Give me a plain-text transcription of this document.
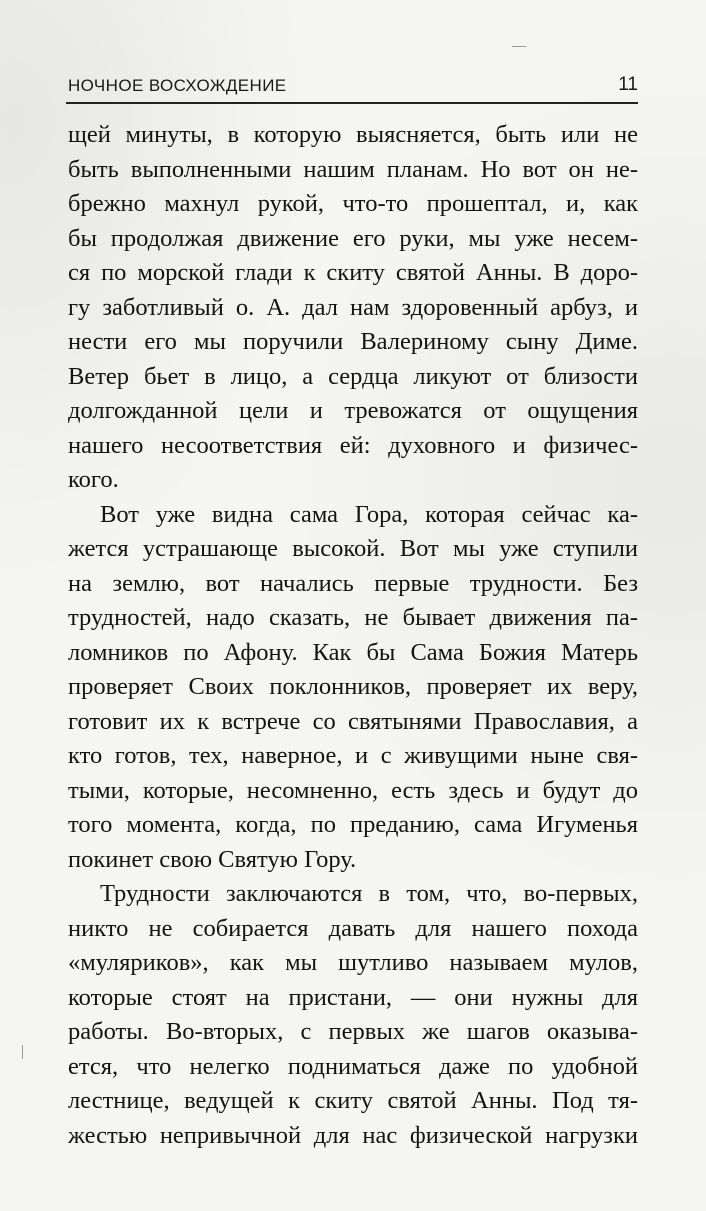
НОЧНОЕ ВОСХОЖДЕНИЕ	11
щей минуты, в которую выясняется, быть или не
быть выполненными нашим планам. Но вот он не-
брежно махнул рукой, что-то прошептал, и, как
бы продолжая движение его руки, мы уже несем-
ся по морской глади к скиту святой Анны. В доро-
гу заботливый о. А. дал нам здоровенный арбуз, и
нести его мы поручили Валериному сыну Диме.
Ветер бьет в лицо, а сердца ликуют от близости
долгожданной цели и тревожатся от ощущения
нашего несоответствия ей: духовного и физичес-
кого.
Вот уже видна сама Гора, которая сейчас ка-
жется устрашающе высокой. Вот мы уже ступили
на землю, вот начались первые трудности. Без
трудностей, надо сказать, не бывает движения па-
ломников по Афону. Как бы Сама Божия Матерь
проверяет Своих поклонников, проверяет их веру,
готовит их к встрече со святынями Православия, а
кто готов, тех, наверное, и с живущими ныне свя-
тыми, которые, несомненно, есть здесь и будут до
того момента, когда, по преданию, сама Игуменья
покинет свою Святую Гору.
Трудности заключаются в том, что, во-первых,
никто не собирается давать для нашего похода
«муляриков», как мы шутливо называем мулов,
которые стоят на пристани, — они нужны для
работы. Во-вторых, с первых же шагов оказыва-
ется, что нелегко подниматься даже по удобной
лестнице, ведущей к скиту святой Анны. Под тя-
жестью непривычной для нас физической нагрузки
